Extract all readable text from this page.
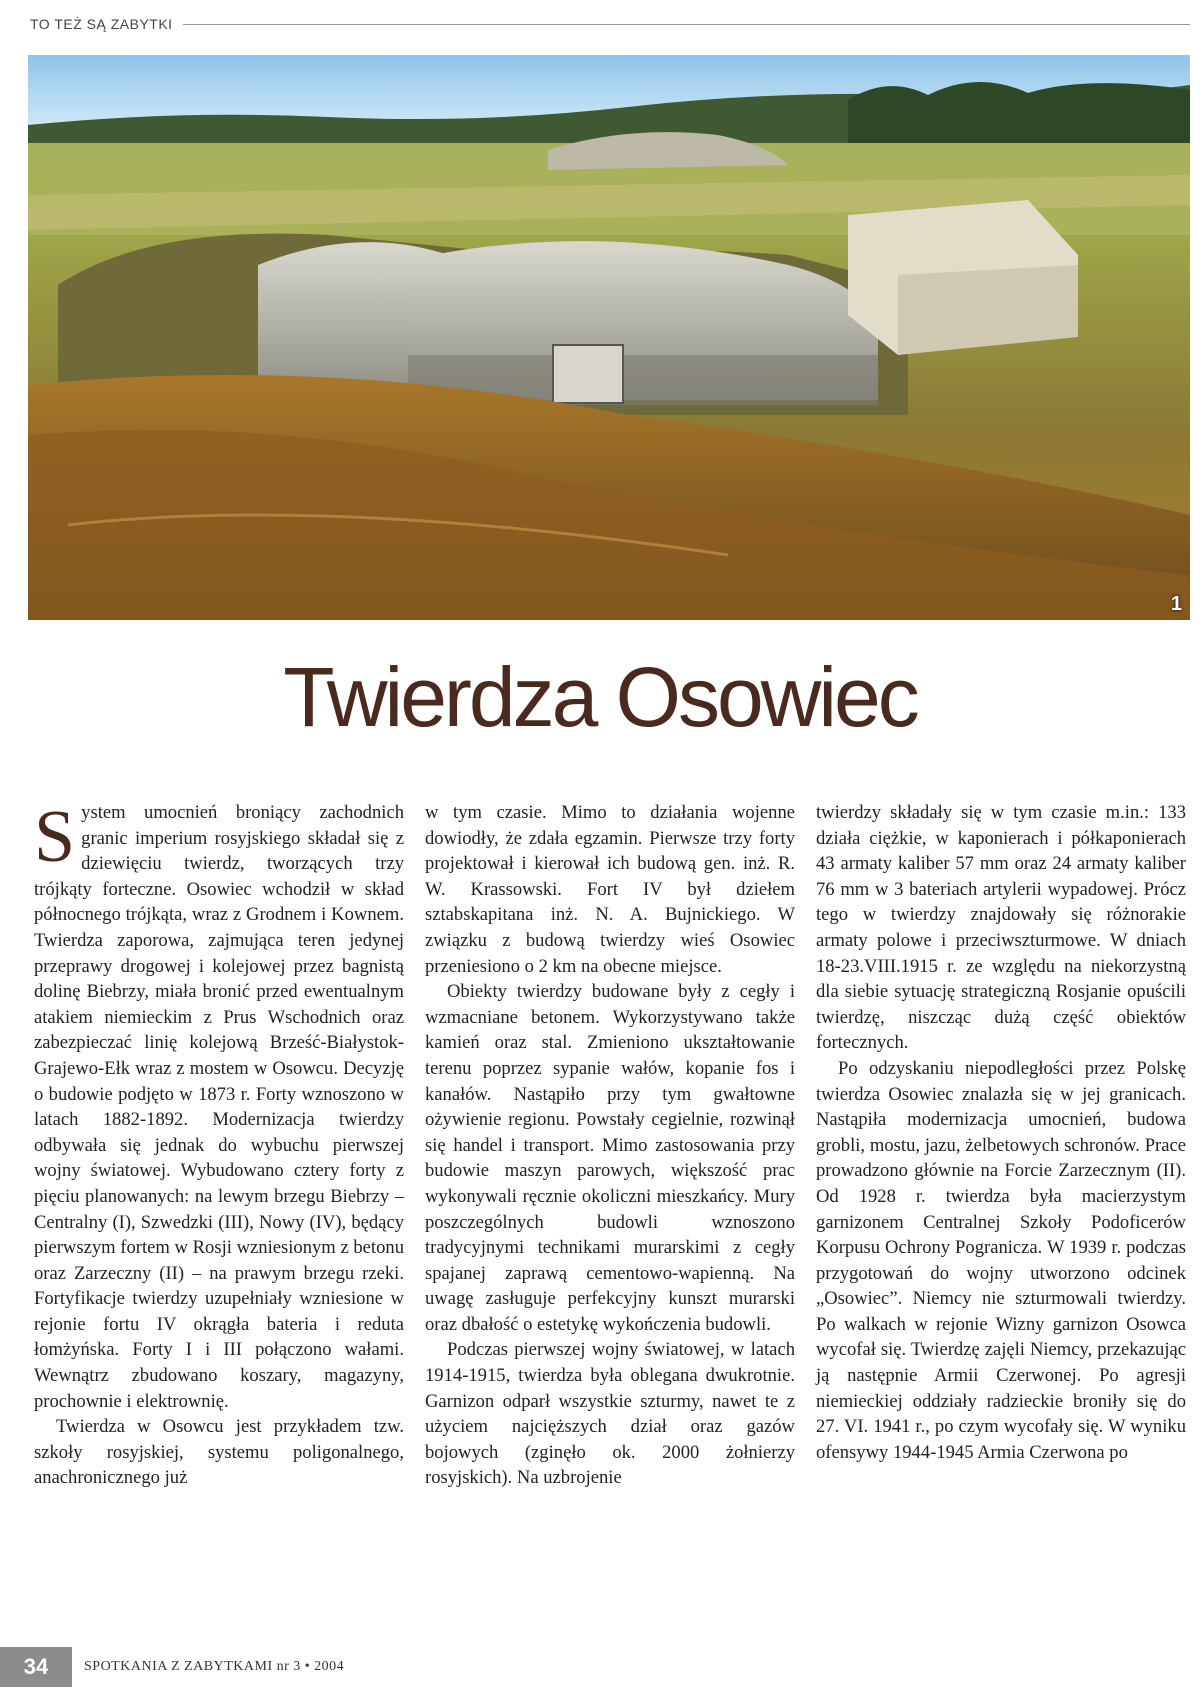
TO TEŻ SĄ ZABYTKI
1
Twierdza Osowiec

System umocnień broniący zachodnich granic imperium rosyjskiego składał się z dziewięciu twierdz, tworzących trzy trójkąty forteczne. Osowiec wchodził w skład północnego trójkąta, wraz z Grodnem i Kownem. Twierdza zaporowa, zajmująca teren jedynej przeprawy drogowej i kolejowej przez bagnistą dolinę Biebrzy, miała bronić przed ewentualnym atakiem niemieckim z Prus Wschodnich oraz zabezpieczać linię kolejową Brześć-Białystok-Grajewo-Ełk wraz z mostem w Osowcu. Decyzję o budowie podjęto w 1873 r. Forty wznoszono w latach 1882-1892. Modernizacja twierdzy odbywała się jednak do wybuchu pierwszej wojny światowej. Wybudowano cztery forty z pięciu planowanych: na lewym brzegu Biebrzy – Centralny (I), Szwedzki (III), Nowy (IV), będący pierwszym fortem w Rosji wzniesionym z betonu oraz Zarzeczny (II) – na prawym brzegu rzeki. Fortyfikacje twierdzy uzupełniały wzniesione w rejonie fortu IV okrągła bateria i reduta łomżyńska. Forty I i III połączono wałami. Wewnątrz zbudowano koszary, magazyny, prochownie i elektrownię.

Twierdza w Osowcu jest przykładem tzw. szkoły rosyjskiej, systemu poligonalnego, anachronicznego już

w tym czasie. Mimo to działania wojenne dowiodły, że zdała egzamin. Pierwsze trzy forty projektował i kierował ich budową gen. inż. R. W. Krassowski. Fort IV był dziełem sztabskapitana inż. N. A. Bujnickiego. W związku z budową twierdzy wieś Osowiec przeniesiono o 2 km na obecne miejsce.

Obiekty twierdzy budowane były z cegły i wzmacniane betonem. Wykorzystywano także kamień oraz stal. Zmieniono ukształtowanie terenu poprzez sypanie wałów, kopanie fos i kanałów. Nastąpiło przy tym gwałtowne ożywienie regionu. Powstały cegielnie, rozwinął się handel i transport. Mimo zastosowania przy budowie maszyn parowych, większość prac wykonywali ręcznie okoliczni mieszkańcy. Mury poszczególnych budowli wznoszono tradycyjnymi technikami murarskimi z cegły spajanej zaprawą cementowo-wapienną. Na uwagę zasługuje perfekcyjny kunszt murarski oraz dbałość o estetykę wykończenia budowli.

Podczas pierwszej wojny światowej, w latach 1914-1915, twierdza była oblegana dwukrotnie. Garnizon odparł wszystkie szturmy, nawet te z użyciem najcięższych dział oraz gazów bojowych (zginęło ok. 2000 żołnierzy rosyjskich). Na uzbrojenie

twierdzy składały się w tym czasie m.in.: 133 działa ciężkie, w kaponierach i półkaponierach 43 armaty kaliber 57 mm oraz 24 armaty kaliber 76 mm w 3 bateriach artylerii wypadowej. Prócz tego w twierdzy znajdowały się różnorakie armaty polowe i przeciwszturmowe. W dniach 18-23.VIII.1915 r. ze względu na niekorzystną dla siebie sytuację strategiczną Rosjanie opuścili twierdzę, niszcząc dużą część obiektów fortecznych.

Po odzyskaniu niepodległości przez Polskę twierdza Osowiec znalazła się w jej granicach. Nastąpiła modernizacja umocnień, budowa grobli, mostu, jazu, żelbetowych schronów. Prace prowadzono głównie na Forcie Zarzecznym (II). Od 1928 r. twierdza była macierzystym garnizonem Centralnej Szkoły Podoficerów Korpusu Ochrony Pogranicza. W 1939 r. podczas przygotowań do wojny utworzono odcinek „Osowiec”. Niemcy nie szturmowali twierdzy. Po walkach w rejonie Wizny garnizon Osowca wycofał się. Twierdzę zajęli Niemcy, przekazując ją następnie Armii Czerwonej. Po agresji niemieckiej oddziały radzieckie broniły się do 27. VI. 1941 r., po czym wycofały się. W wyniku ofensywy 1944-1945 Armia Czerwona po

34	SPOTKANIA Z ZABYTKAMI nr 3 • 2004
